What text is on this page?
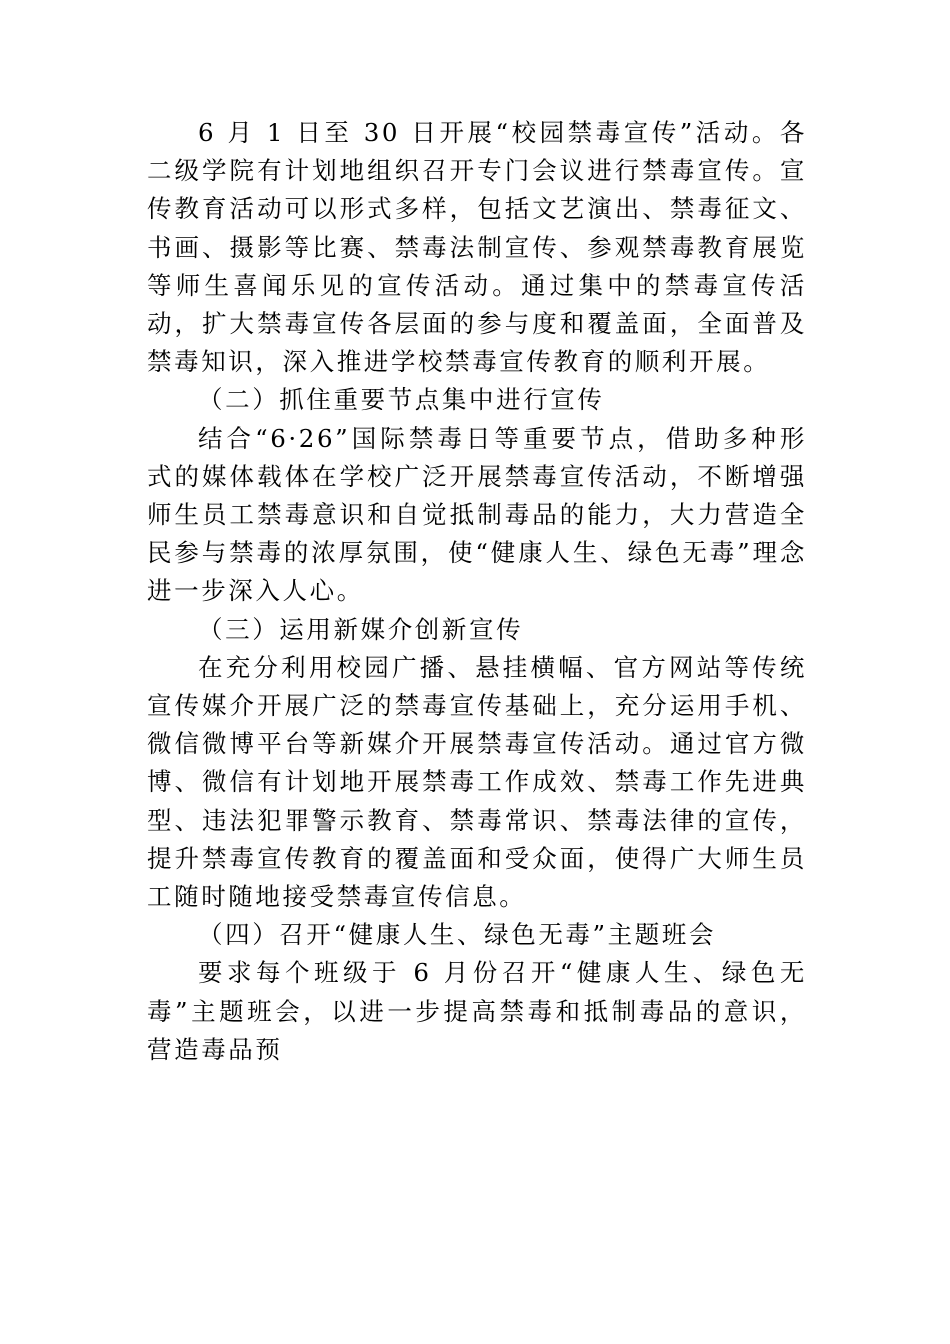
6 月 1 日至 30 日开展“校园禁毒宣传”活动。各二级学院有计划地组织召开专门会议进行禁毒宣传。宣传教育活动可以形式多样，包括文艺演出、禁毒征文、书画、摄影等比赛、禁毒法制宣传、参观禁毒教育展览等师生喜闻乐见的宣传活动。通过集中的禁毒宣传活动，扩大禁毒宣传各层面的参与度和覆盖面，全面普及禁毒知识，深入推进学校禁毒宣传教育的顺利开展。

（二）抓住重要节点集中进行宣传

结合“6·26”国际禁毒日等重要节点，借助多种形式的媒体载体在学校广泛开展禁毒宣传活动，不断增强师生员工禁毒意识和自觉抵制毒品的能力，大力营造全民参与禁毒的浓厚氛围，使“健康人生、绿色无毒”理念进一步深入人心。

（三）运用新媒介创新宣传

在充分利用校园广播、悬挂横幅、官方网站等传统宣传媒介开展广泛的禁毒宣传基础上，充分运用手机、微信微博平台等新媒介开展禁毒宣传活动。通过官方微博、微信有计划地开展禁毒工作成效、禁毒工作先进典型、违法犯罪警示教育、禁毒常识、禁毒法律的宣传，提升禁毒宣传教育的覆盖面和受众面，使得广大师生员工随时随地接受禁毒宣传信息。

（四）召开“健康人生、绿色无毒”主题班会

要求每个班级于 6 月份召开“健康人生、绿色无毒”主题班会，以进一步提高禁毒和抵制毒品的意识，营造毒品预
